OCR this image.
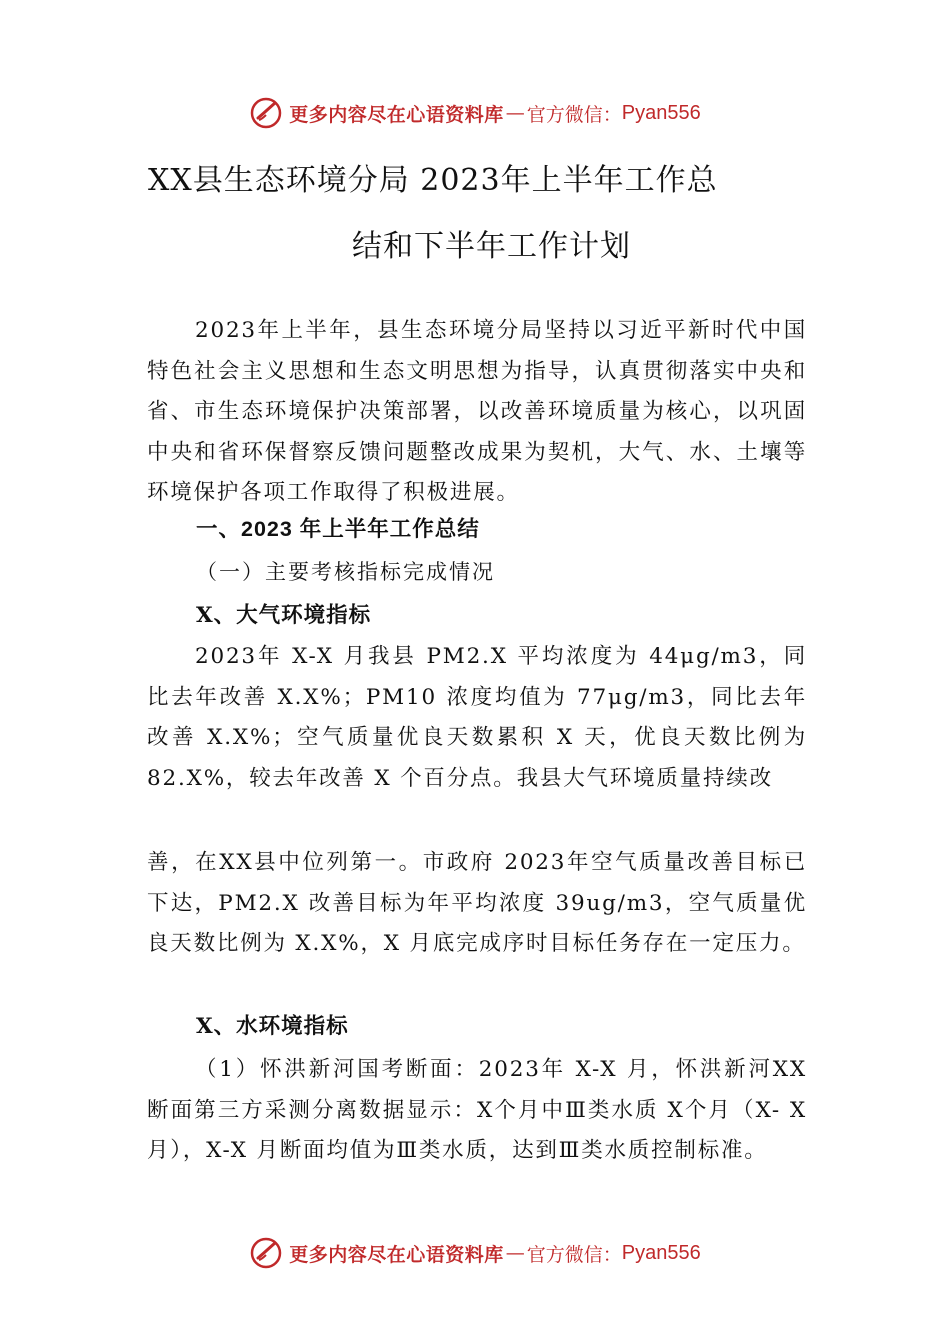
更多内容尽在心语资料库 — 官方微信： Pyan556
XX县生态环境分局 2023年上半年工作总
结和下半年工作计划
2023年上半年，县生态环境分局坚持以习近平新时代中国特色社会主义思想和生态文明思想为指导，认真贯彻落实中央和省、市生态环境保护决策部署，以改善环境质量为核心，以巩固中央和省环保督察反馈问题整改成果为契机，大气、水、土壤等环境保护各项工作取得了积极进展。
一、2023 年上半年工作总结
（一）主要考核指标完成情况
X、大气环境指标
2023年 X-X 月我县 PM2.X 平均浓度为 44μg/m3，同比去年改善 X.X%；PM10 浓度均值为 77μg/m3，同比去年改善 X.X%；空气质量优良天数累积 X 天，优良天数比例为82.X%，较去年改善 X 个百分点。我县大气环境质量持续改
善，在XX县中位列第一。市政府 2023年空气质量改善目标已下达，PM2.X 改善目标为年平均浓度 39ug/m3，空气质量优良天数比例为 X.X%，X 月底完成序时目标任务存在一定压力。
X、水环境指标
（1）怀洪新河国考断面：2023年 X-X 月，怀洪新河XX断面第三方采测分离数据显示：X个月中Ⅲ类水质 X个月（X- X 月），X-X 月断面均值为Ⅲ类水质，达到Ⅲ类水质控制标准。
更多内容尽在心语资料库 — 官方微信： Pyan556
